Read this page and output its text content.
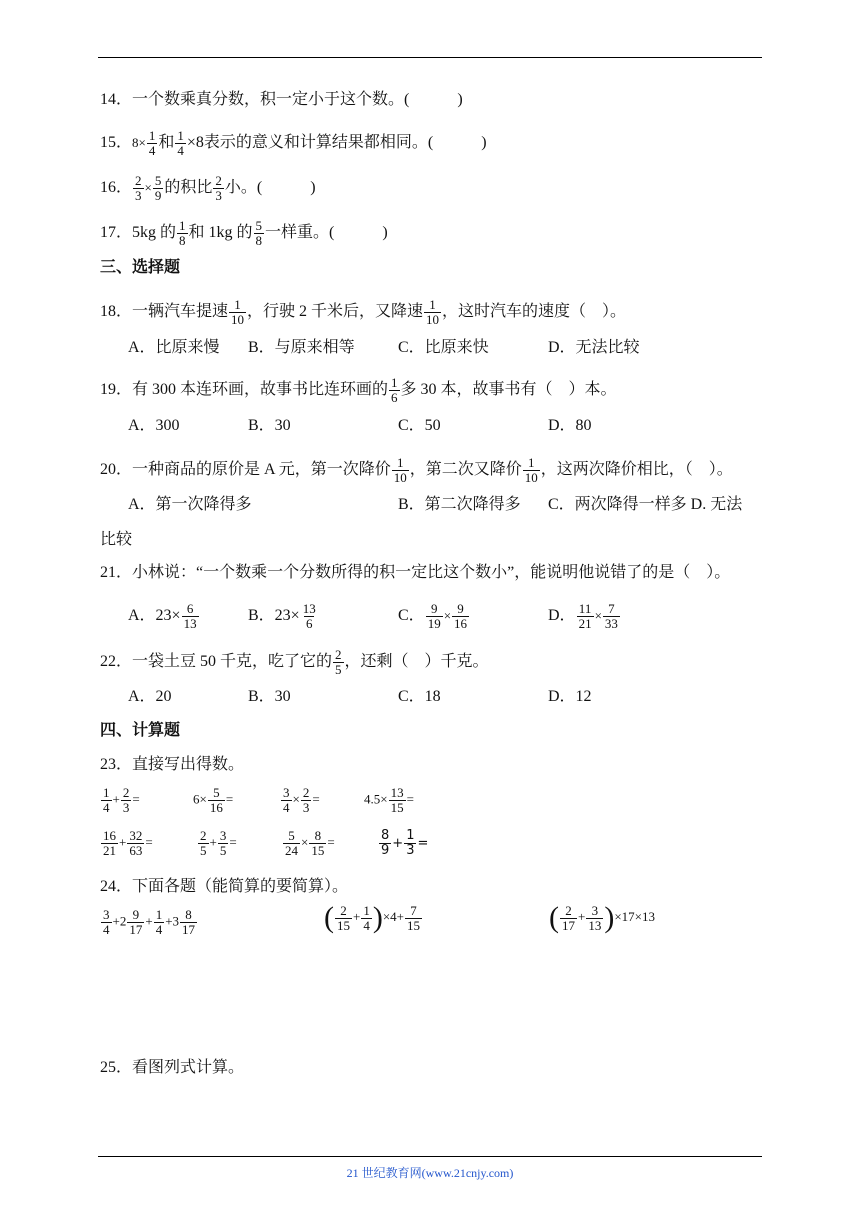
14．一个数乘真分数，积一定小于这个数。(　　　)
15．$8\times \frac{1}{4}$ 和 $\frac{1}{4} \times 8$表示的意义和计算结果都相同。(　　　)
16． $\frac{2}{3} \times \frac{5}{9}$ 的积比 $\frac{2}{3}$ 小。(　　　)
17．5kg 的 $\frac{1}{8}$ 和 1kg 的 $\frac{5}{8}$ 一样重。(　　　)
三、选择题
18．一辆汽车提速 $\frac{1}{10}$ ，行驶 2 千米后，又降速 $\frac{1}{10}$ ，这时汽车的速度（　）。
A．比原来慢 B．与原来相等	C．比原来快	D．无法比较
19．有 300 本连环画，故事书比连环画的 $\frac{1}{6}$ 多 30 本，故事书有（　）本。
A．300	B．30	C．50	D．80
20．一种商品的原价是 A 元，第一次降价 $\frac{1}{10}$ ，第二次又降价 $\frac{1}{10}$ ，这两次降价相比，（　）。
A．第一次降得多	B．第二次降得多 C．两次降得一样多 D. 无法
比较
21．小林说：“一个数乘一个分数所得的积一定比这个数小”，能说明他说错了的是（　）。
A．$23\times \frac{6}{13}$	B．$23\times \frac{13}{6}$	C． $\frac{9}{19} \times \frac{9}{16}$	D． $\frac{11}{21} \times \frac{7}{33}$
22．一袋土豆 50 千克，吃了它的 $\frac{2}{5}$ ，还剩（　）千克。
A．20	B．30	C．18	D．12
四、计算题
23．直接写出得数。
$\frac{1}{4} + \frac{2}{3}$ =	$6\times \frac{5}{16}$ =	$\frac{3}{4} \times \frac{2}{3}$ =	$4.5\times \frac{13}{15}$ =
$\frac{16}{21} + \frac{32}{63}$ =	$\frac{2}{5} + \frac{3}{5}$ =	$\frac{5}{24} \times \frac{8}{15}$ =	$\frac{8}{9} + \frac{1}{3}$ =
24．下面各题（能简算的要简算）。
$\frac{3}{4} +2 \frac{9}{17} + \frac{1}{4} +3 \frac{8}{17}$	( $\frac{2}{15} + \frac{1}{4} )\times 4+ \frac{7}{15}$	( $\frac{2}{17} + \frac{3}{13} )\times 17\times 13$
25．看图列式计算。
21 世纪教育网(www.21cnjy.com)
